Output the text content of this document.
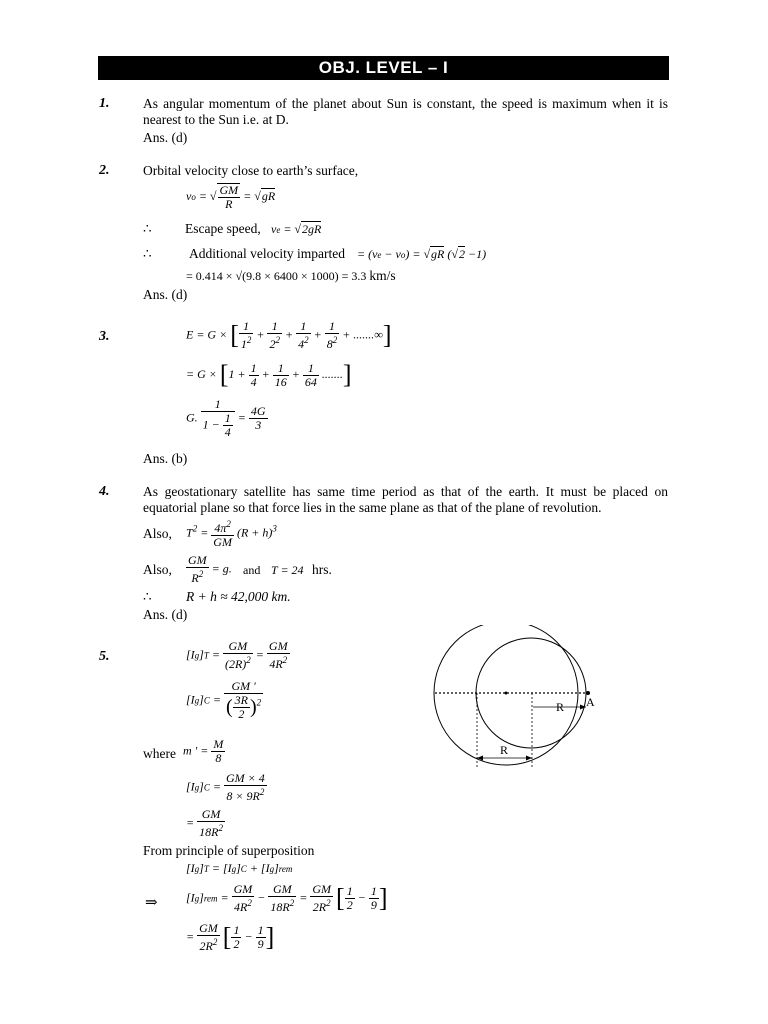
OBJ. LEVEL – I
1. As angular momentum of the planet about Sun is constant, the speed is maximum when it is nearest to the Sun i.e. at D.
Ans. (d)
2. Orbital velocity close to earth’s surface,
vo = √ $\frac{GM}{R} = √gR$
∴ Escape speed, ve = √2gR
∴	Additional velocity imparted = (ve − vo) = √gR (√2 −1)
= 0.414 × √(9.8 × 6400 × 1000) = 3.3 km/s
Ans. (d)
3.	E = G × [ $\frac{1}{1^2} + \frac{1}{2^2} + \frac{1}{4^2} + \frac{1}{8^2}$ + .......∞]
= $G \times [1 + \frac{1}{4} + \frac{1}{16} + \frac{1}{64}$ .......]
G. $\frac{1}{1 - \frac{1}{4}} = \frac{4G}{3}$
Ans. (b)
4. As geostationary satellite has same time period as that of the earth. It must be placed on equatorial plane so that force lies in the same plane as that of the plane of revolution.
Also, $T^2 = \frac{4\pi^2}{GM} (R + h)^3$
Also, $\frac{GM}{R^2} = g$. and T = 24 hrs.
∴	R + h ≈ 42,000 km.
Ans. (d)
5.	$[Ig]T = \frac{GM}{(2R)^2} = \frac{GM}{4R^2}$
$[Ig]C = \frac{GM '}{( \frac{3R}{2} )^2}$
where m ' = $\frac{M}{8}$
$[Ig]C = \frac{GM \times 4}{8 \times 9R^2}$
= $\frac{GM}{18R^2}$
From principle of superposition
[Ig]T = [Ig]C + [Ig]rem
⇒ $[Ig]rem = \frac{GM}{4R^2} - \frac{GM}{18R^2} = \frac{GM}{2R^2}$ [ $\frac{1}{2} - \frac{1}{9}$ ]
= $\frac{GM}{2R^2}$ [ $\frac{1}{2} - \frac{1}{9}$ ]
R A
R
